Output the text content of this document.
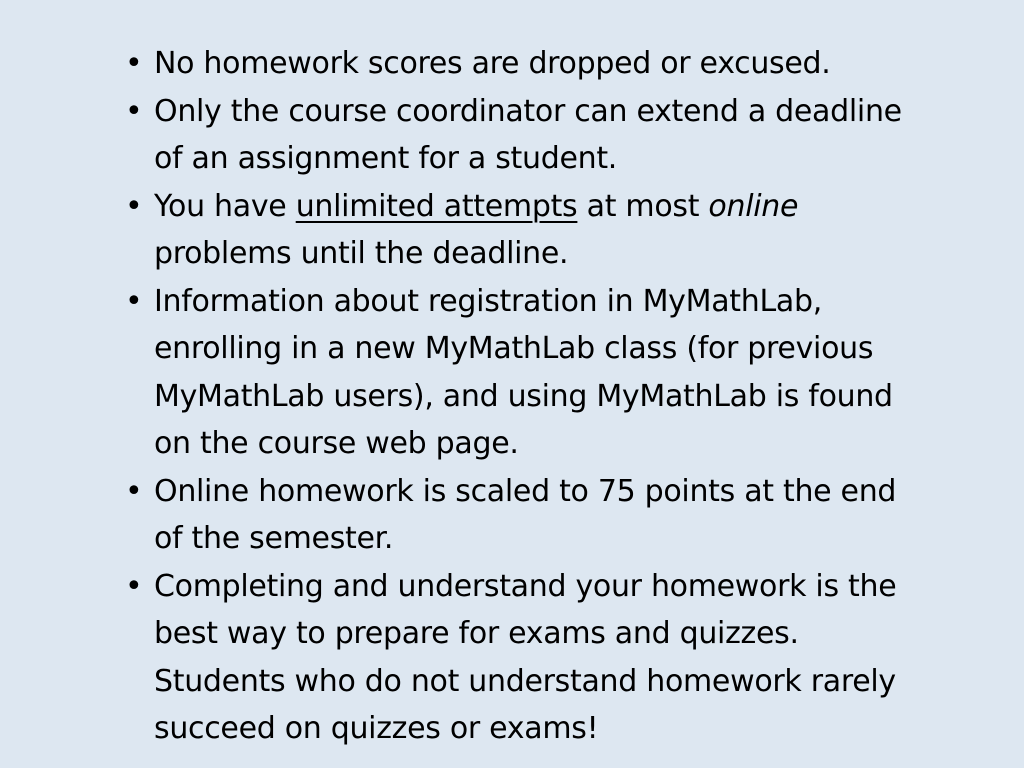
• No homework scores are dropped or excused.
• Only the course coordinator can extend a deadline of an assignment for a student.
• You have unlimited attempts at most online problems until the deadline.
• Information about registration in MyMathLab, enrolling in a new MyMathLab class (for previous MyMathLab users), and using MyMathLab is found on the course web page.
• Online homework is scaled to 75 points at the end of the semester.
• Completing and understand your homework is the best way to prepare for exams and quizzes. Students who do not understand homework rarely succeed on quizzes or exams!
